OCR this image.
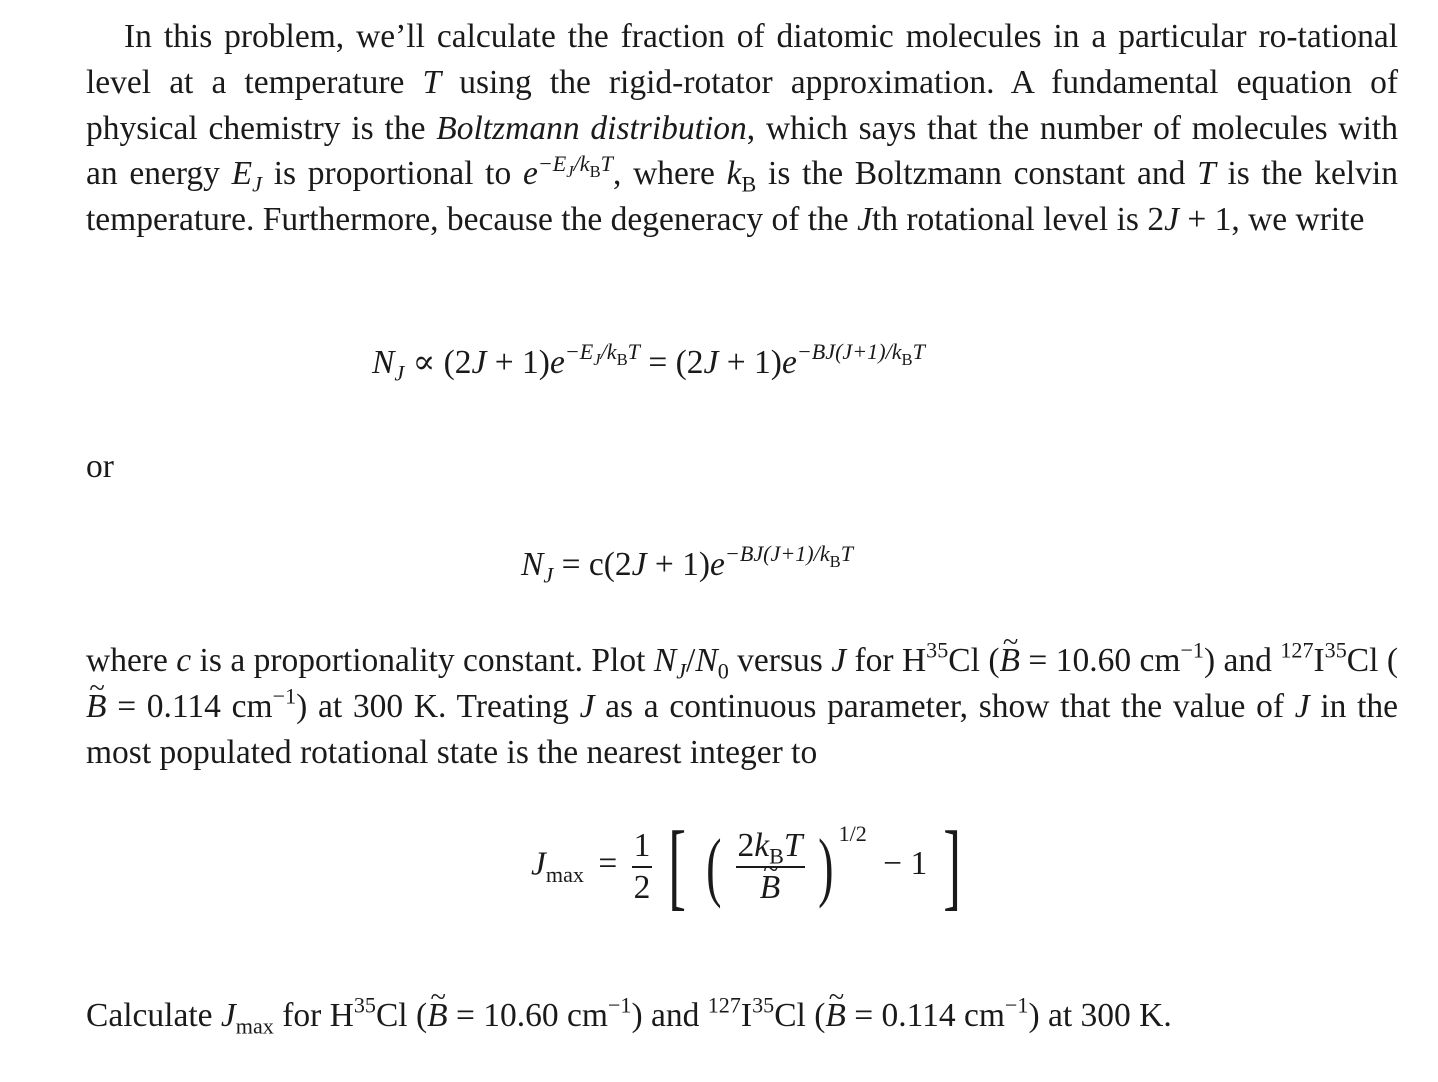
In this problem, we’ll calculate the fraction of diatomic molecules in a particular ro-tational level at a temperature T using the rigid-rotator approximation. A fundamental equation of physical chemistry is the Boltzmann distribution, which says that the number of molecules with an energy $E_J$ is proportional to $e^{-E_J/k_BT}$, where $k_B$ is the Boltzmann constant and T is the kelvin temperature. Furthermore, because the degeneracy of the Jth rotational level is 2J + 1, we write

$N_J \propto (2J + 1)e^{-E_J/k_BT} = (2J + 1)e^{-BJ(J+1)/k_BT}$
or
$N_J = c(2J + 1)e^{-BJ(J+1)/k_BT}$

where c is a proportionality constant. Plot $N_J/N_0$ versus J for $H^{35}Cl$ (~ B = 10.60 $cm^{-1}$) and $^{127}I^{35}Cl$ (~ B = 0.114 $cm^{-1}$) at 300 K. Treating J as a continuous parameter, show that the value of J in the most populated rotational state is the nearest integer to

$J_{max} = \frac{1}{2}$ [ ( $2k_BT$
~ B ) $^{1/2}$ − 1 ]

Calculate $J_{max}$ for $H^{35}Cl$ (~ B = 10.60 $cm^{-1}$) and $^{127}I^{35}Cl$ (~ B = 0.114 $cm^{-1}$) at 300 K.
